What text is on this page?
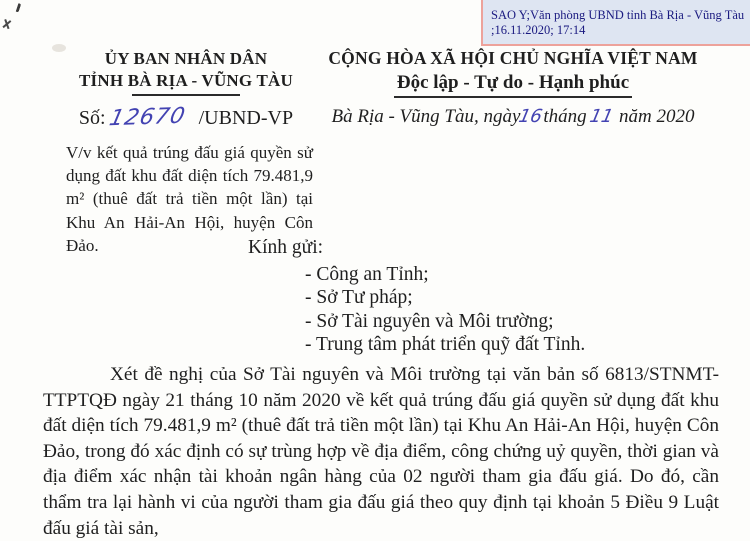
SAO Y;Văn phòng UBND tỉnh Bà Rịa - Vũng Tàu
;16.11.2020; 17:14
ỦY BAN NHÂN DÂN
TỈNH BÀ RỊA - VŨNG TÀU
Số: 12670 /UBND-VP
V/v kết quả trúng đấu giá quyền sử dụng đất khu đất diện tích 79.481,9 m² (thuê đất trả tiền một lần) tại Khu An Hải-An Hội, huyện Côn Đảo.
CỘNG HÒA XÃ HỘI CHỦ NGHĨA VIỆT NAM
Độc lập - Tự do - Hạnh phúc
Bà Rịa - Vũng Tàu, ngày16tháng 11 năm 2020
Kính gửi:
- Công an Tỉnh;
- Sở Tư pháp;
- Sở Tài nguyên và Môi trường;
- Trung tâm phát triển quỹ đất Tỉnh.

Xét đề nghị của Sở Tài nguyên và Môi trường tại văn bản số 6813/STNMT-TTPTQĐ ngày 21 tháng 10 năm 2020 về kết quả trúng đấu giá quyền sử dụng đất khu đất diện tích 79.481,9 m² (thuê đất trả tiền một lần) tại Khu An Hải-An Hội, huyện Côn Đảo, trong đó xác định có sự trùng hợp về địa điểm, công chứng uỷ quyền, thời gian và địa điểm xác nhận tài khoản ngân hàng của 02 người tham gia đấu giá. Do đó, cần thẩm tra lại hành vi của người tham gia đấu giá theo quy định tại khoản 5 Điều 9 Luật đấu giá tài sản,
